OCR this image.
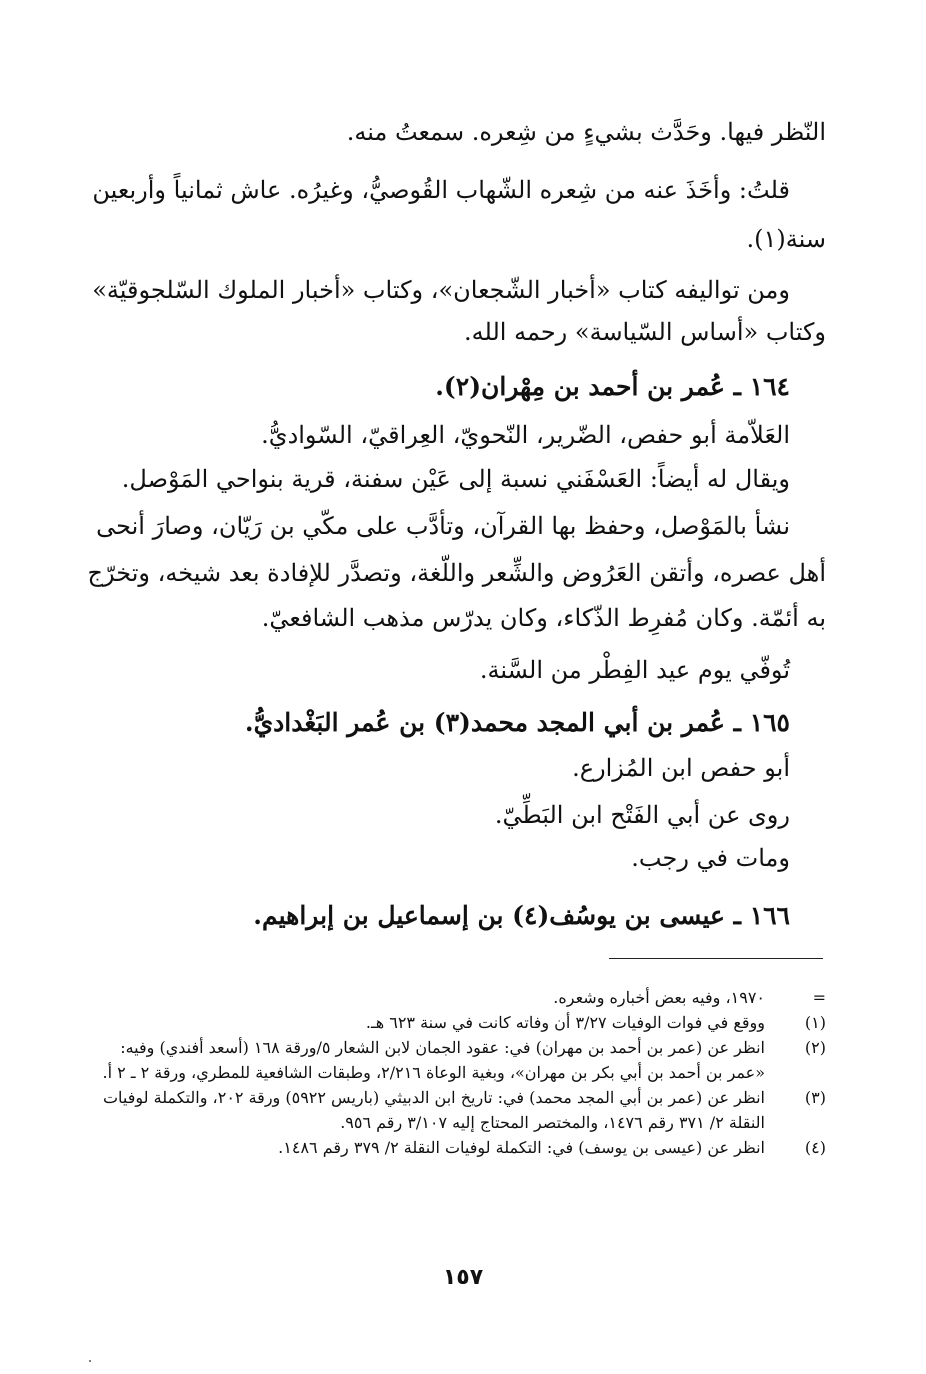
النّظر فيها. وحَدَّث بشيءٍ من شِعره. سمعتُ منه.
قلتُ: وأخَذَ عنه من شِعره الشّهاب القُوصيُّ، وغيرُه. عاش ثمانياً وأربعين
سنة(١).
ومن تواليفه كتاب «أخبار الشّجعان»، وكتاب «أخبار الملوك السّلجوقيّة»
وكتاب «أساس السّياسة» رحمه الله.
١٦٤ ـ عُمر بن أحمد بن مِهْران(٢).
العَلاّمة أبو حفص، الضّرير، النّحويّ، العِراقيّ، السّواديُّ.
ويقال له أيضاً: العَسْفَني نسبة إلى عَيْن سفنة، قرية بنواحي المَوْصل.
نشأ بالمَوْصل، وحفظ بها القرآن، وتأدَّب على مكّي بن رَيّان، وصارَ أنحى
أهل عصره، وأتقن العَرُوض والشِّعر واللّغة، وتصدَّر للإفادة بعد شيخه، وتخرّج
به أئمّة. وكان مُفرِط الذّكاء، وكان يدرّس مذهب الشافعيّ.
تُوفّي يوم عيد الفِطْر من السَّنة.
١٦٥ ـ عُمر بن أبي المجد محمد(٣) بن عُمر البَغْداديُّ.
أبو حفص ابن المُزارع.
روى عن أبي الفَتْح ابن البَطِّيّ.
ومات في رجب.
١٦٦ ـ عيسى بن يوسُف(٤) بن إسماعيل بن إبراهيم.
=
١٩٧٠، وفيه بعض أخباره وشعره.
(١)
ووقع في فوات الوفيات ٣/٢٧ أن وفاته كانت في سنة ٦٢٣ هـ.
(٢)
انظر عن (عمر بن أحمد بن مهران) في: عقود الجمان لابن الشعار ٥/ورقة ١٦٨ (أسعد أفندي) وفيه: «عمر بن أحمد بن أبي بكر بن مهران»، وبغية الوعاة ٢/٢١٦، وطبقات الشافعية للمطري، ورقة ٢ ـ ٢ أ.
(٣)
انظر عن (عمر بن أبي المجد محمد) في: تاريخ ابن الدبيثي (باريس ٥٩٢٢) ورقة ٢٠٢، والتكملة لوفيات النقلة ٢/ ٣٧١ رقم ١٤٧٦، والمختصر المحتاج إليه ٣/١٠٧ رقم ٩٥٦.
(٤)
انظر عن (عيسى بن يوسف) في: التكملة لوفيات النقلة ٢/ ٣٧٩ رقم ١٤٨٦.
١٥٧
